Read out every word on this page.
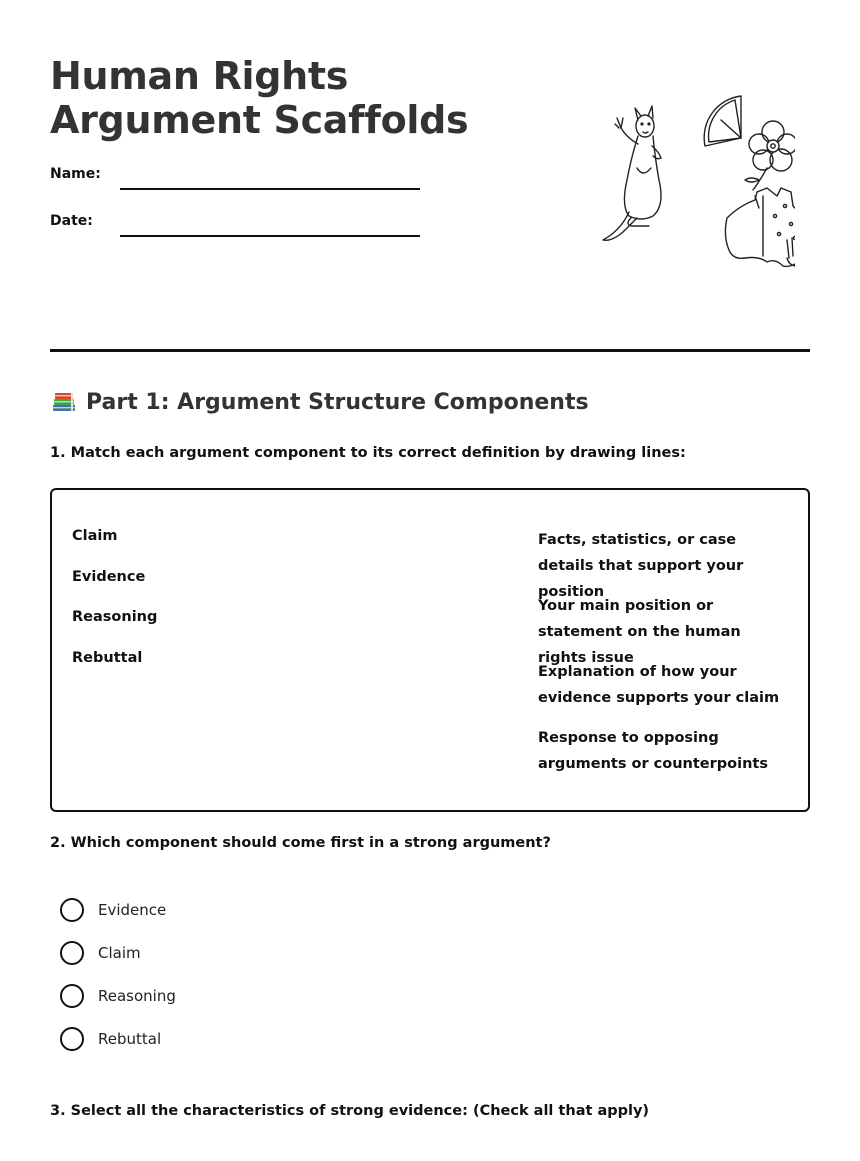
Human Rights
Argument Scaffolds
Name:
Date:
Part 1: Argument Structure Components

1. Match each argument component to its correct definition by drawing lines:

Claim
Evidence
Reasoning
Rebuttal
Facts, statistics, or case details that support your position
Your main position or statement on the human rights issue
Explanation of how your evidence supports your claim
Response to opposing arguments or counterpoints

2. Which component should come first in a strong argument?

Evidence
Claim
Reasoning
Rebuttal

3. Select all the characteristics of strong evidence: (Check all that apply)
